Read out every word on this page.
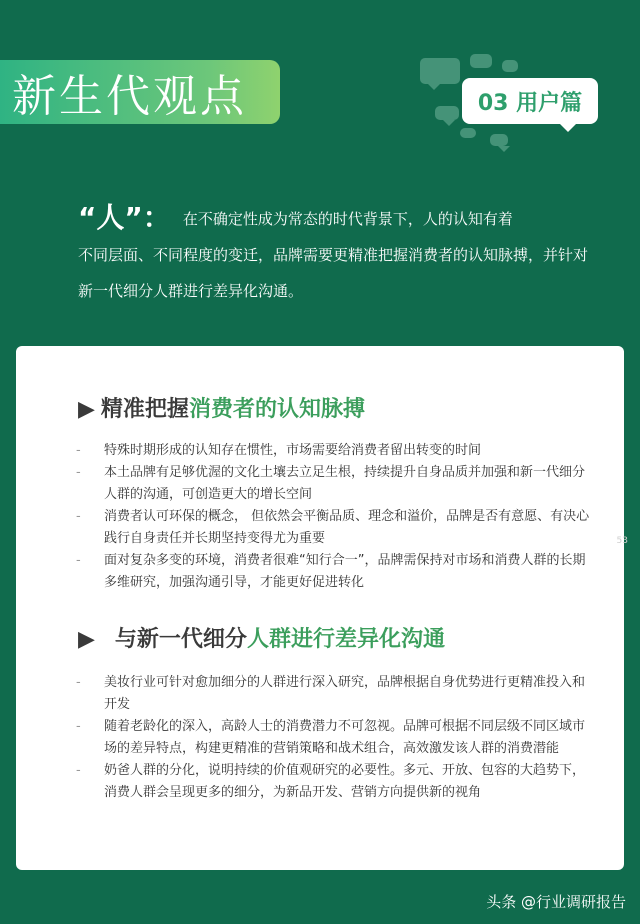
新生代观点	03 用户篇
“人”： 在不确定性成为常态的时代背景下，人的认知有着
不同层面、不同程度的变迁，品牌需要更精准把握消费者的认知脉搏，并针对新一代细分人群进行差异化沟通。
▶ 精准把握消费者的认知脉搏
- 特殊时期形成的认知存在惯性，市场需要给消费者留出转变的时间
- 本土品牌有足够优渥的文化土壤去立足生根，持续提升自身品质并加强和新一代细分人群的沟通，可创造更大的增长空间
- 消费者认可环保的概念， 但依然会平衡品质、理念和溢价，品牌是否有意愿、有决心践行自身责任并长期坚持变得尤为重要
- 面对复杂多变的环境，消费者很难“知行合一”，品牌需保持对市场和消费人群的长期多维研究，加强沟通引导，才能更好促进转化
▶ 与新一代细分人群进行差异化沟通
- 美妆行业可针对愈加细分的人群进行深入研究，品牌根据自身优势进行更精准投入和开发
- 随着老龄化的深入，高龄人士的消费潜力不可忽视。品牌可根据不同层级不同区域市场的差异特点，构建更精准的营销策略和战术组合，高效激发该人群的消费潜能
- 奶爸人群的分化，说明持续的价值观研究的必要性。多元、开放、包容的大趋势下，消费人群会呈现更多的细分，为新品开发、营销方向提供新的视角
53
头条 @行业调研报告
